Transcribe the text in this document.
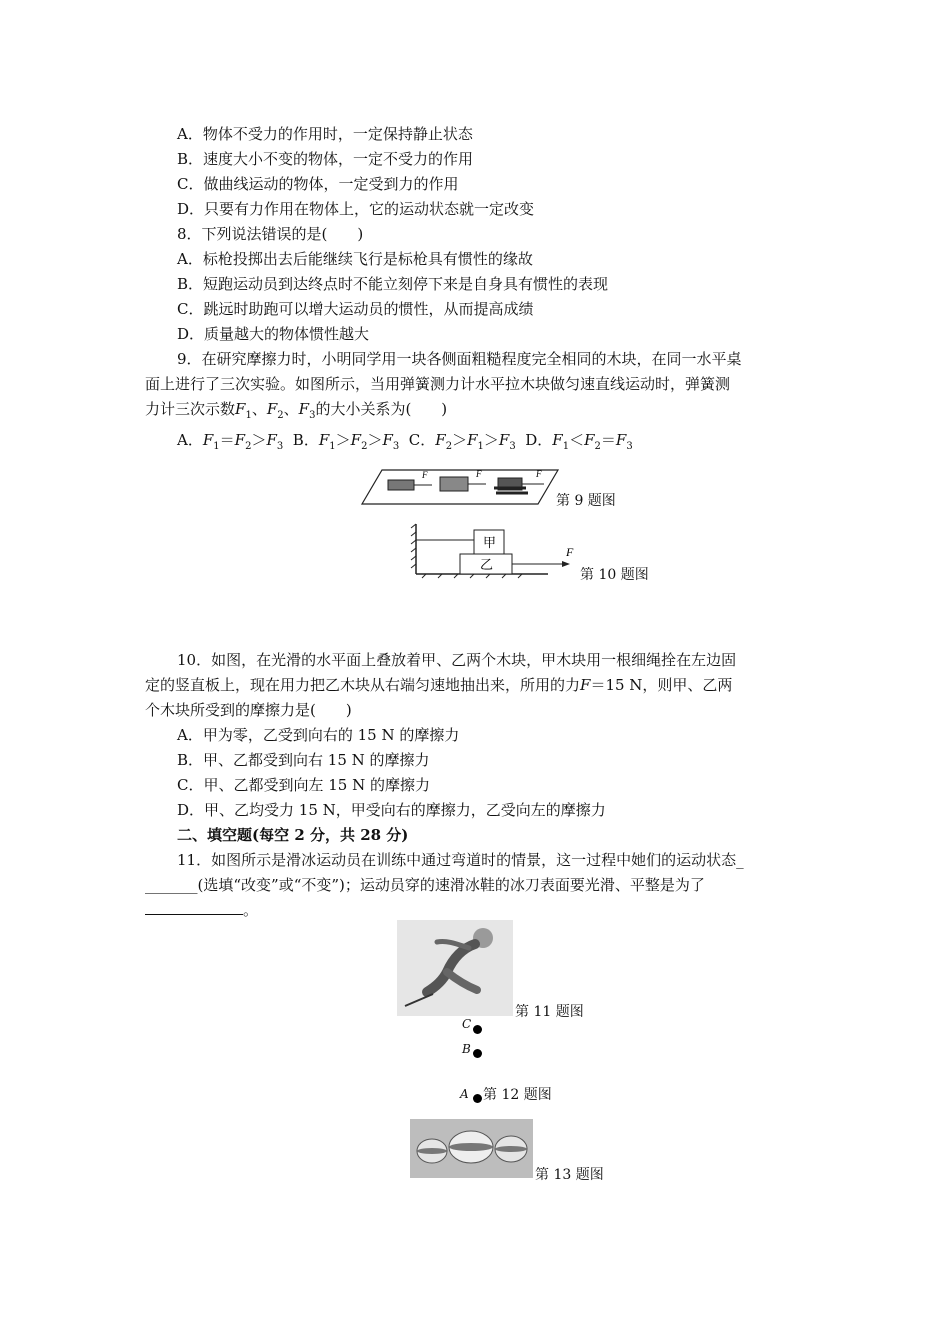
A．物体不受力的作用时，一定保持静止状态
B．速度大小不变的物体，一定不受力的作用
C．做曲线运动的物体，一定受到力的作用
D．只要有力作用在物体上，它的运动状态就一定改变
8．下列说法错误的是(　　)
A．标枪投掷出去后能继续飞行是标枪具有惯性的缘故
B．短跑运动员到达终点时不能立刻停下来是自身具有惯性的表现
C．跳远时助跑可以增大运动员的惯性，从而提高成绩
D．质量越大的物体惯性越大
9．在研究摩擦力时，小明同学用一块各侧面粗糙程度完全相同的木块，在同一水平桌
面上进行了三次实验。如图所示，当用弹簧测力计水平拉木块做匀速直线运动时，弹簧测
力计三次示数$F_1$、$F_2$、$F_3$的大小关系为(　　)
A．$F_1=F_2>F_3$  B．$F_1>F_2>F_3$  C．$F_2>F_1>F_3$  D．$F_1<F_2=F_3$
F	F	F
第 9 题图
甲
乙
F
第 10 题图
10．如图，在光滑的水平面上叠放着甲、乙两个木块，甲木块用一根细绳拴在左边固
定的竖直板上，现在用力把乙木块从右端匀速地抽出来，所用的力F＝15 N，则甲、乙两
个木块所受到的摩擦力是(　　)
A．甲为零，乙受到向右的 15 N 的摩擦力
B．甲、乙都受到向右 15 N 的摩擦力
C．甲、乙都受到向左 15 N 的摩擦力
D．甲、乙均受力 15 N，甲受向右的摩擦力，乙受向左的摩擦力
二、填空题(每空 2 分，共 28 分)
11．如图所示是滑冰运动员在训练中通过弯道时的情景，这一过程中她们的运动状态_
_______(选填“改变”或“不变”)；运动员穿的速滑冰鞋的冰刀表面要光滑、平整是为了
。
第 11 题图
C
B
A 第 12 题图
第 13 题图
